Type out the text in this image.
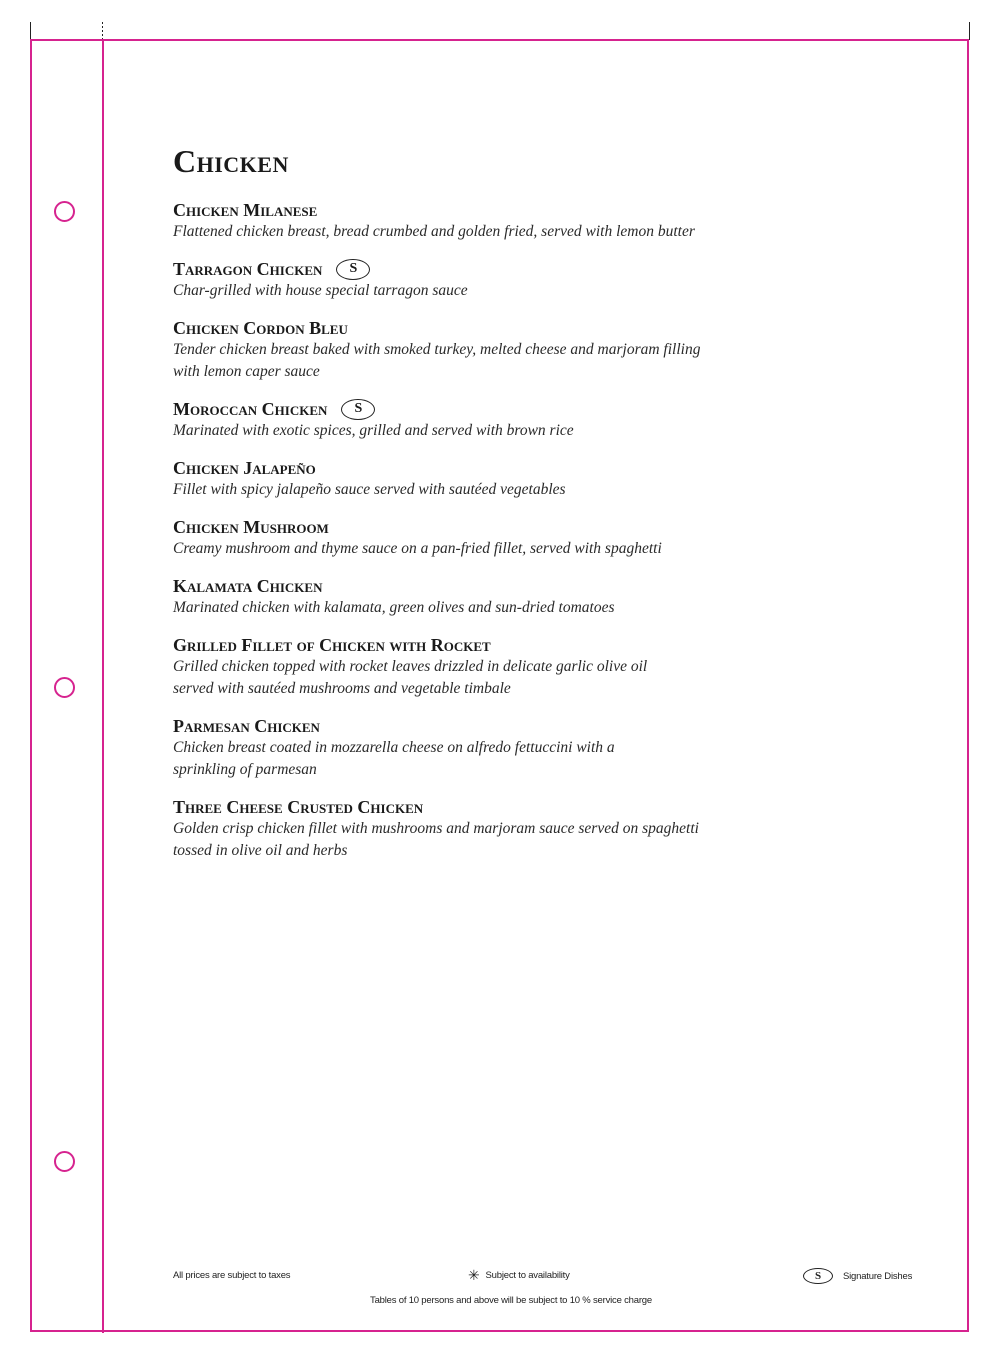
Chicken
Chicken Milanese
Flattened chicken breast, bread crumbed and golden fried, served with lemon butter
Tarragon Chicken	S
Char-grilled with house special tarragon sauce
Chicken Cordon Bleu
Tender chicken breast baked with smoked turkey, melted cheese and marjoram filling
with lemon caper sauce
Moroccan Chicken	S
Marinated with exotic spices, grilled and served with brown rice
Chicken Jalapeño
Fillet with spicy jalapeño sauce served with sautéed vegetables
Chicken Mushroom
Creamy mushroom and thyme sauce on a pan-fried fillet, served with spaghetti
Kalamata Chicken
Marinated chicken with kalamata, green olives and sun-dried tomatoes
Grilled Fillet of Chicken with Rocket
Grilled chicken topped with rocket leaves drizzled in delicate garlic olive oil
served with sautéed mushrooms and vegetable timbale
Parmesan Chicken
Chicken breast coated in mozzarella cheese on alfredo fettuccini with a
sprinkling of parmesan
Three Cheese Crusted Chicken
Golden crisp chicken fillet with mushrooms and marjoram sauce served on spaghetti
tossed in olive oil and herbs
All prices are subject to taxes	✳ Subject to availability	S	Signature Dishes
Tables of 10 persons and above will be subject to 10 % service charge
